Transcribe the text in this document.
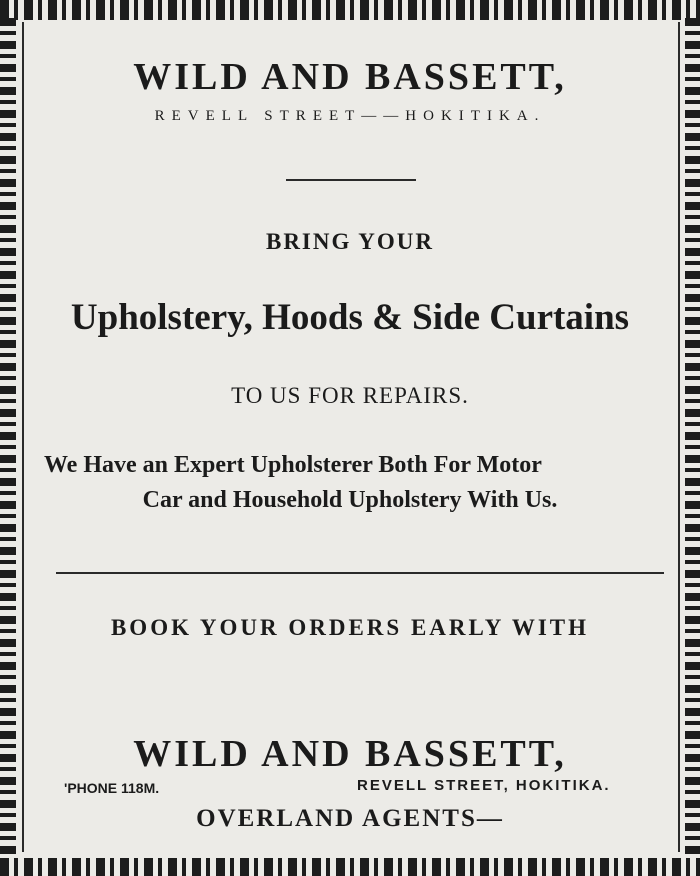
WILD AND BASSETT,
REVELL STREET——HOKITIKA.
BRING YOUR
Upholstery, Hoods & Side Curtains
TO US FOR REPAIRS.
We Have an Expert Upholsterer Both For Motor
Car and Household Upholstery With Us.
BOOK YOUR ORDERS EARLY WITH
WILD AND BASSETT,
'PHONE 118M.	REVELL STREET, HOKITIKA.
OVERLAND AGENTS—
